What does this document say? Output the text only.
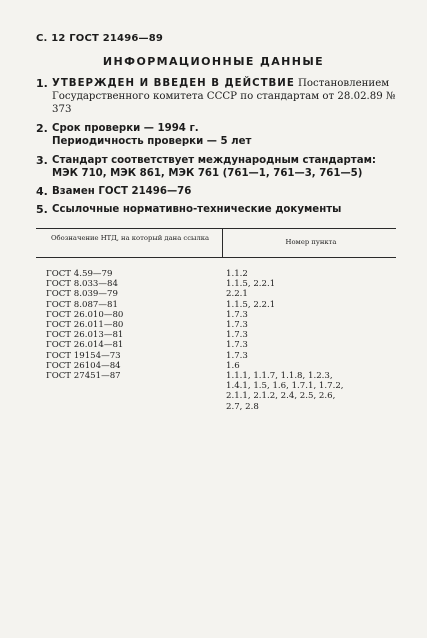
С. 12 ГОСТ 21496—89
ИНФОРМАЦИОННЫЕ ДАННЫЕ
1. УТВЕРЖДЕН И ВВЕДЕН В ДЕЙСТВИЕ Постановлением Государственного комитета СССР по стандартам от 28.02.89 № 373
2. Срок проверки — 1994 г.
Периодичность проверки — 5 лет
3. Стандарт соответствует международным стандартам: МЭК 710, МЭК 861, МЭК 761 (761—1, 761—3, 761—5)
4. Взамен ГОСТ 21496—76
5. Ссылочные нормативно-технические документы
Обозначение НТД, на который дана ссылка	Номер пункта
ГОСТ 4.59—79	1.1.2
ГОСТ 8.033—84	1.1.5, 2.2.1
ГОСТ 8.039—79	2.2.1
ГОСТ 8.087—81	1.1.5, 2.2.1
ГОСТ 26.010—80	1.7.3
ГОСТ 26.011—80	1.7.3
ГОСТ 26.013—81	1.7.3
ГОСТ 26.014—81	1.7.3
ГОСТ 19154—73	1.7.3
ГОСТ 26104—84	1.6
ГОСТ 27451—87	1.1.1, 1.1.7, 1.1.8, 1.2.3,
1.4.1, 1.5, 1.6, 1.7.1, 1.7.2,
2.1.1, 2.1.2, 2.4, 2.5, 2.6,
2.7, 2.8
